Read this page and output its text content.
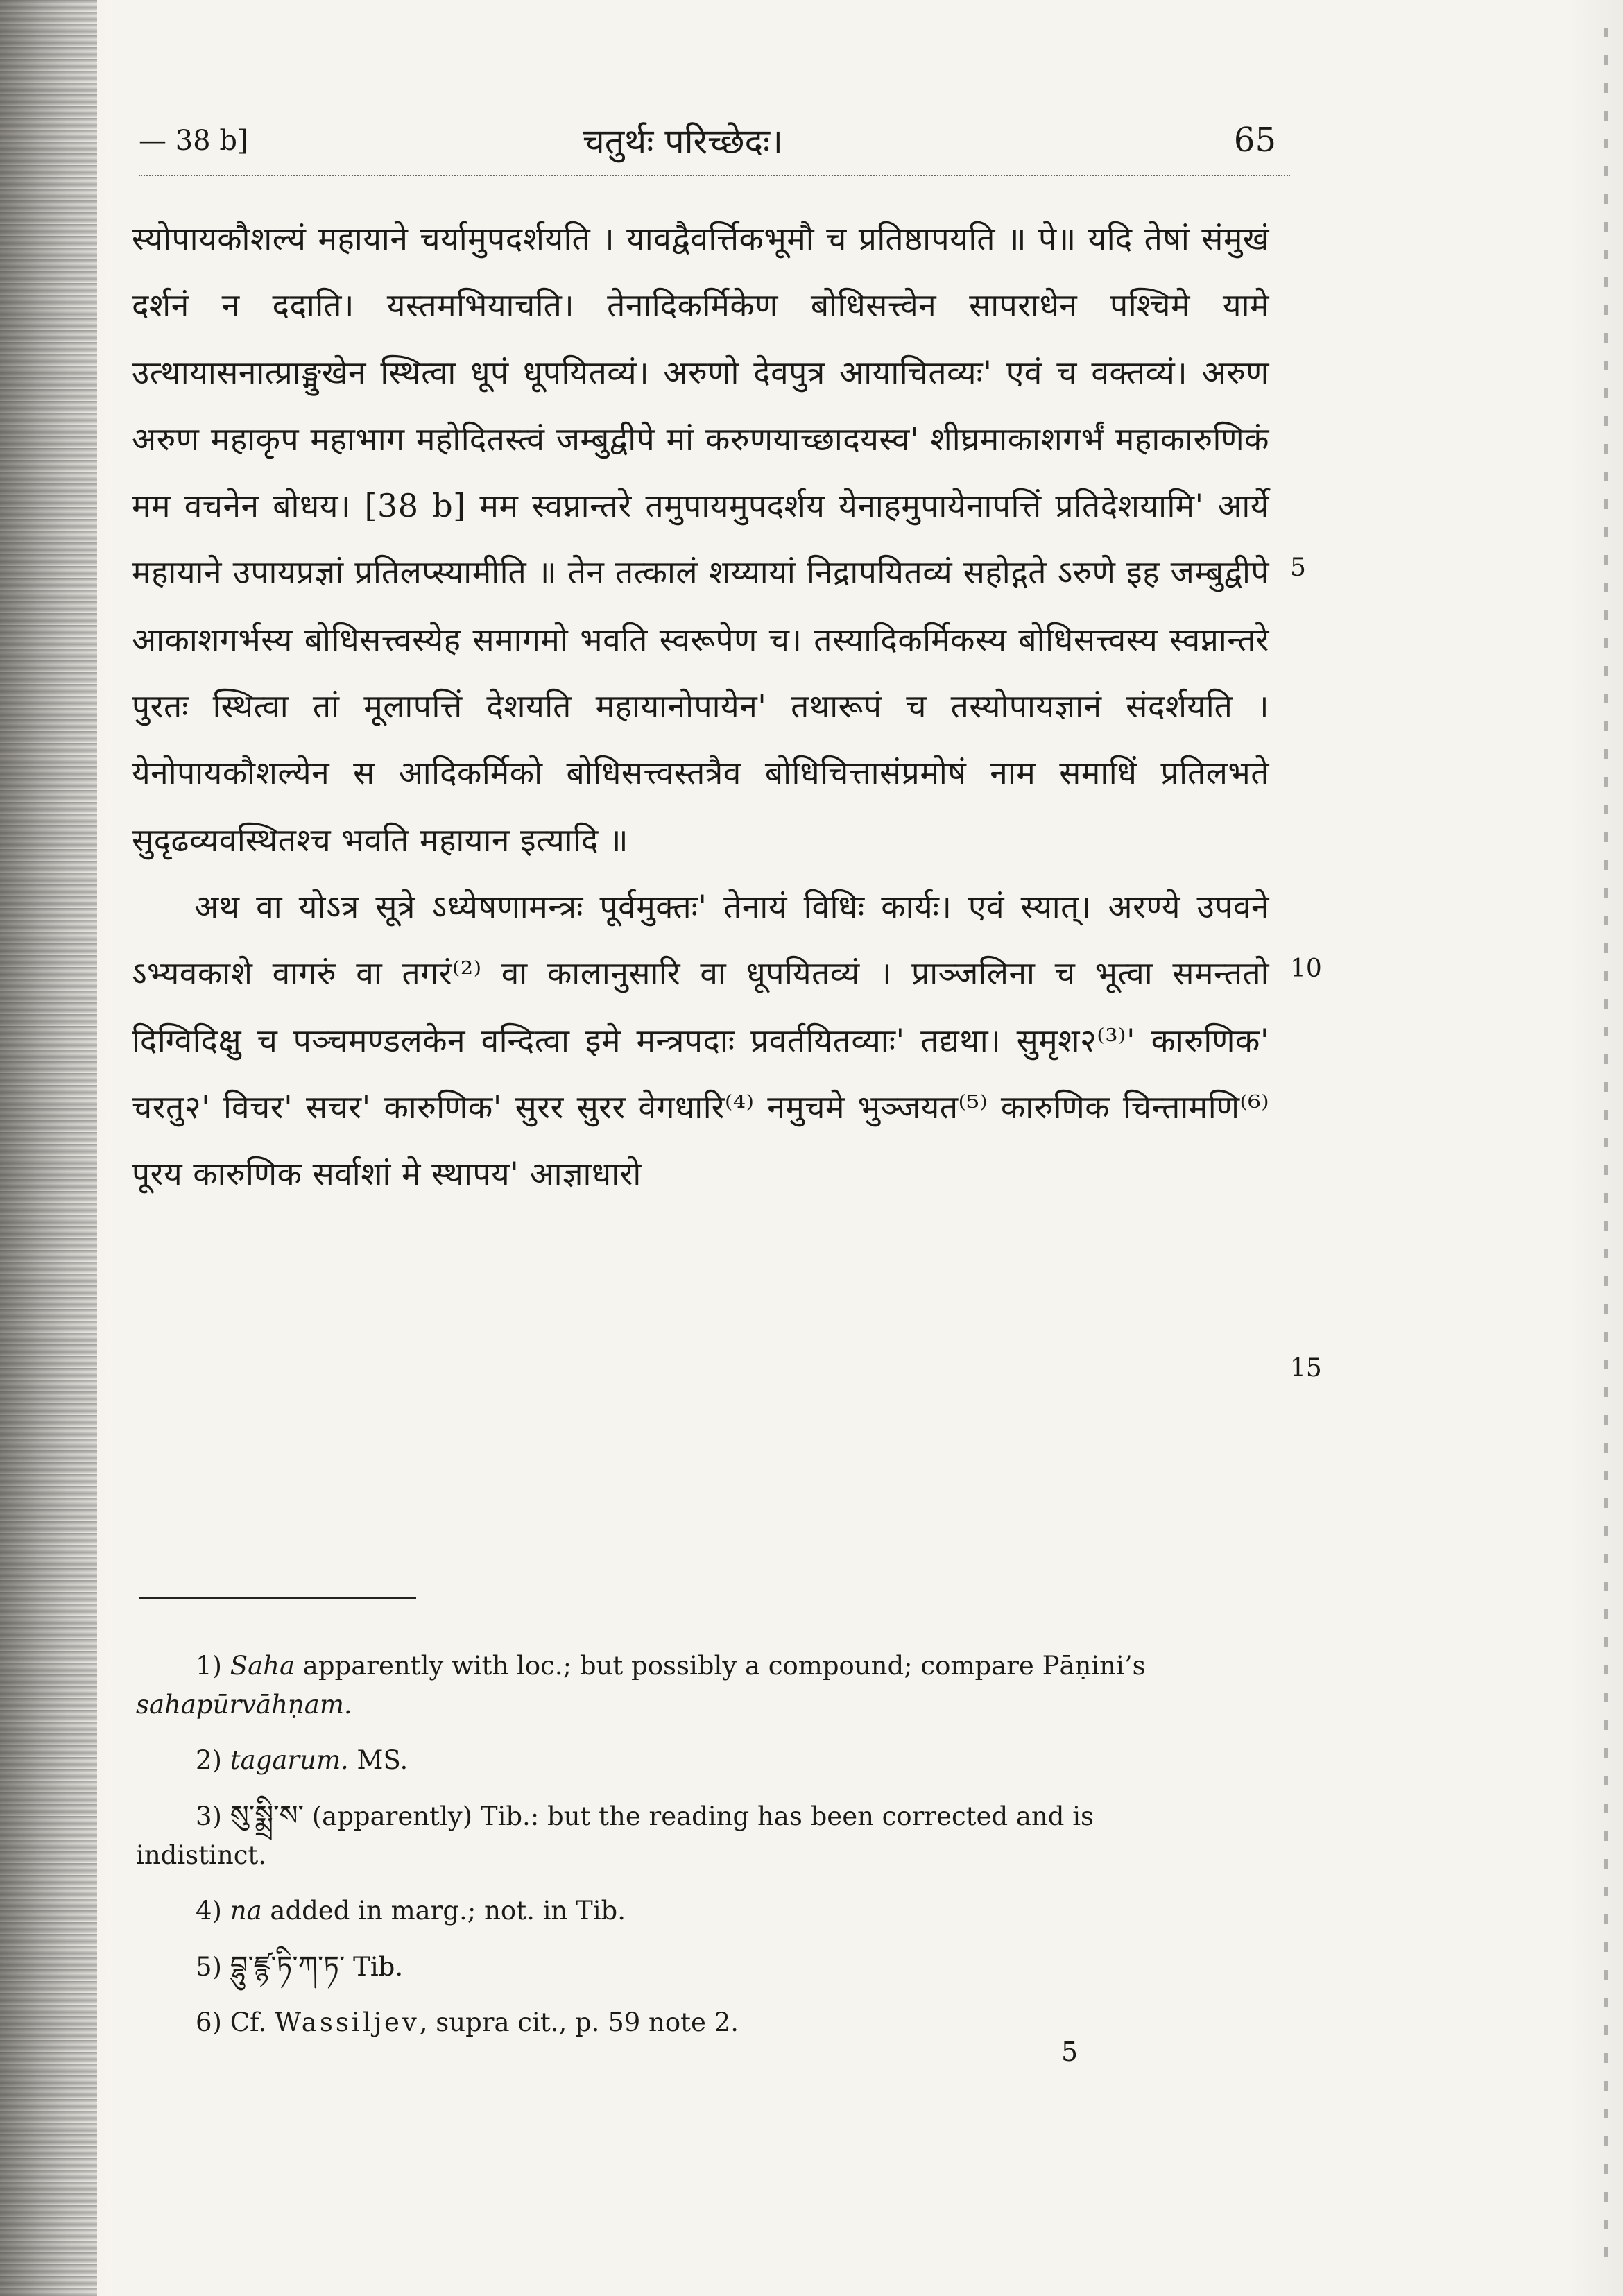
— 38 b]	चतुर्थः परिच्छेदः।	65

स्योपायकौशल्यं महायाने चर्यामुपदर्शयति । यावद्वैवर्त्तिकभूमौ च प्रतिष्ठापयति ॥ पे॥ यदि तेषां संमुखं दर्शनं न ददाति। यस्तमभियाचति। तेनादिकर्मिकेण बोधिसत्त्वेन सापराधेन पश्चिमे यामे उत्थायासनात्प्राङ्मुखेन स्थित्वा धूपं धूपयितव्यं। अरुणो देवपुत्र आयाचितव्यः' एवं च वक्तव्यं। अरुण अरुण महाकृप महाभाग महोदितस्त्वं जम्बुद्वीपे मां करुणयाच्छादयस्व' शीघ्रमाकाशगर्भं महाकारुणिकं मम वचनेन बोधय। [38 b] मम स्वप्नान्तरे तमुपायमुपदर्शय येनाहमुपायेनापत्तिं प्रतिदेशयामि' आर्ये महायाने उपायप्रज्ञां प्रतिलप्स्यामीति ॥ तेन तत्कालं शय्यायां निद्रापयितव्यं सहोद्गते ऽरुणे इह जम्बुद्वीपे आकाशगर्भस्य बोधिसत्त्वस्येह समागमो भवति स्वरूपेण च। तस्यादिकर्मिकस्य बोधिसत्त्वस्य स्वप्नान्तरे पुरतः स्थित्वा तां मूलापत्तिं देशयति महायानोपायेन' तथारूपं च तस्योपायज्ञानं संदर्शयति । येनोपायकौशल्येन स आदिकर्मिको बोधिसत्त्वस्तत्रैव बोधिचित्तासंप्रमोषं नाम समाधिं प्रतिलभते सुदृढव्यवस्थितश्च भवति महायान इत्यादि ॥

अथ वा योऽत्र सूत्रे ऽध्येषणामन्त्रः पूर्वमुक्तः' तेनायं विधिः कार्यः। एवं स्यात्। अरण्ये उपवने ऽभ्यवकाशे वागरुं वा तगरं⁽²⁾ वा कालानुसारि वा धूपयितव्यं । प्राञ्जलिना च भूत्वा समन्ततो दिग्विदिक्षु च पञ्चमण्डलकेन वन्दित्वा इमे मन्त्रपदाः प्रवर्तयितव्याः' तद्यथा। सुमृश२⁽³⁾' कारुणिक' चरतु२' विचर' सचर' कारुणिक' सुरर सुरर वेगधारि⁽⁴⁾ नमुचमे भुञ्जयत⁽⁵⁾ कारुणिक चिन्तामणि⁽⁶⁾ पूरय कारुणिक सर्वाशां मे स्थापय' आज्ञाधारो

5
10
15

1) Saha apparently with loc.; but possibly a compound; compare Pāṇini’s
sahapūrvāhṇam.

2) tagarum. MS.

3) སུ་སྨྲི་ས་ (apparently) Tib.: but the reading has been corrected and is
indistinct.

4) na added in marg.; not. in Tib.

5) བྷུ་ཛྙ་ཏི་ཀ་ཏ་ Tib.

6) Cf. Wassiljev, supra cit., p. 59 note 2.

5
